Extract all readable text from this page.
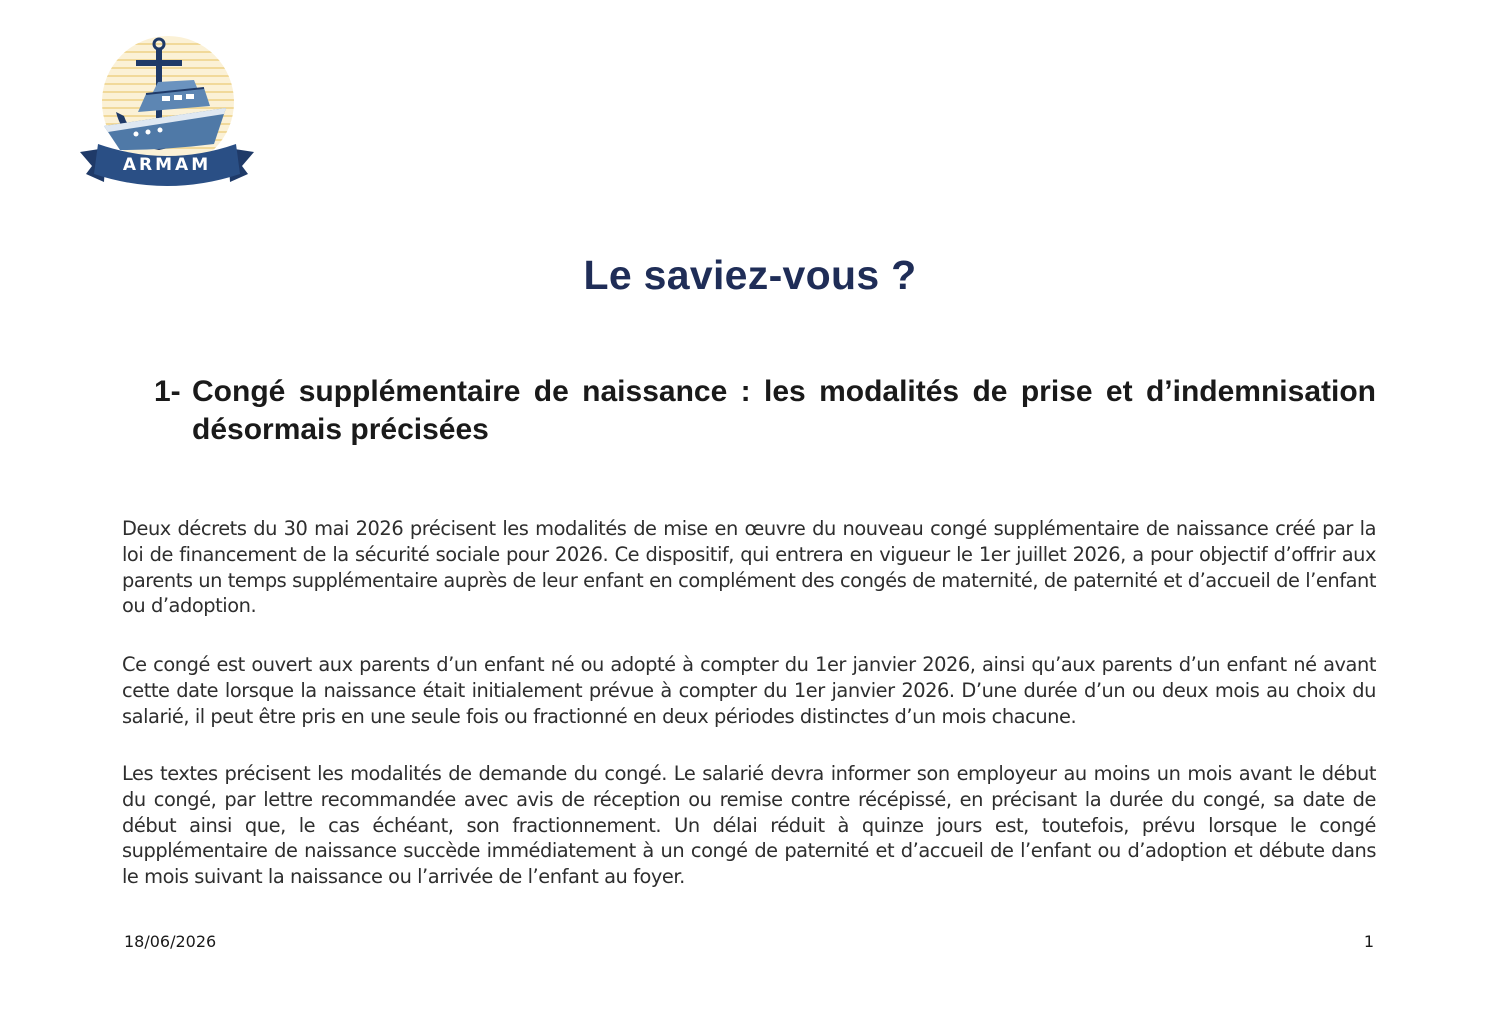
ARMAM
Le saviez-vous ?
1- Congé supplémentaire de naissance : les modalités de prise et d’indemnisation désormais précisées

Deux décrets du 30 mai 2026 précisent les modalités de mise en œuvre du nouveau congé supplémentaire de naissance créé par la loi de financement de la sécurité sociale pour 2026. Ce dispositif, qui entrera en vigueur le 1er juillet 2026, a pour objectif d’offrir aux parents un temps supplémentaire auprès de leur enfant en complément des congés de maternité, de paternité et d’accueil de l’enfant ou d’adoption.

Ce congé est ouvert aux parents d’un enfant né ou adopté à compter du 1er janvier 2026, ainsi qu’aux parents d’un enfant né avant cette date lorsque la naissance était initialement prévue à compter du 1er janvier 2026. D’une durée d’un ou deux mois au choix du salarié, il peut être pris en une seule fois ou fractionné en deux périodes distinctes d’un mois chacune.

Les textes précisent les modalités de demande du congé. Le salarié devra informer son employeur au moins un mois avant le début du congé, par lettre recommandée avec avis de réception ou remise contre récépissé, en précisant la durée du congé, sa date de début ainsi que, le cas échéant, son fractionnement. Un délai réduit à quinze jours est, toutefois, prévu lorsque le congé supplémentaire de naissance succède immédiatement à un congé de paternité et d’accueil de l’enfant ou d’adoption et débute dans le mois suivant la naissance ou l’arrivée de l’enfant au foyer.

18/06/2026	1
